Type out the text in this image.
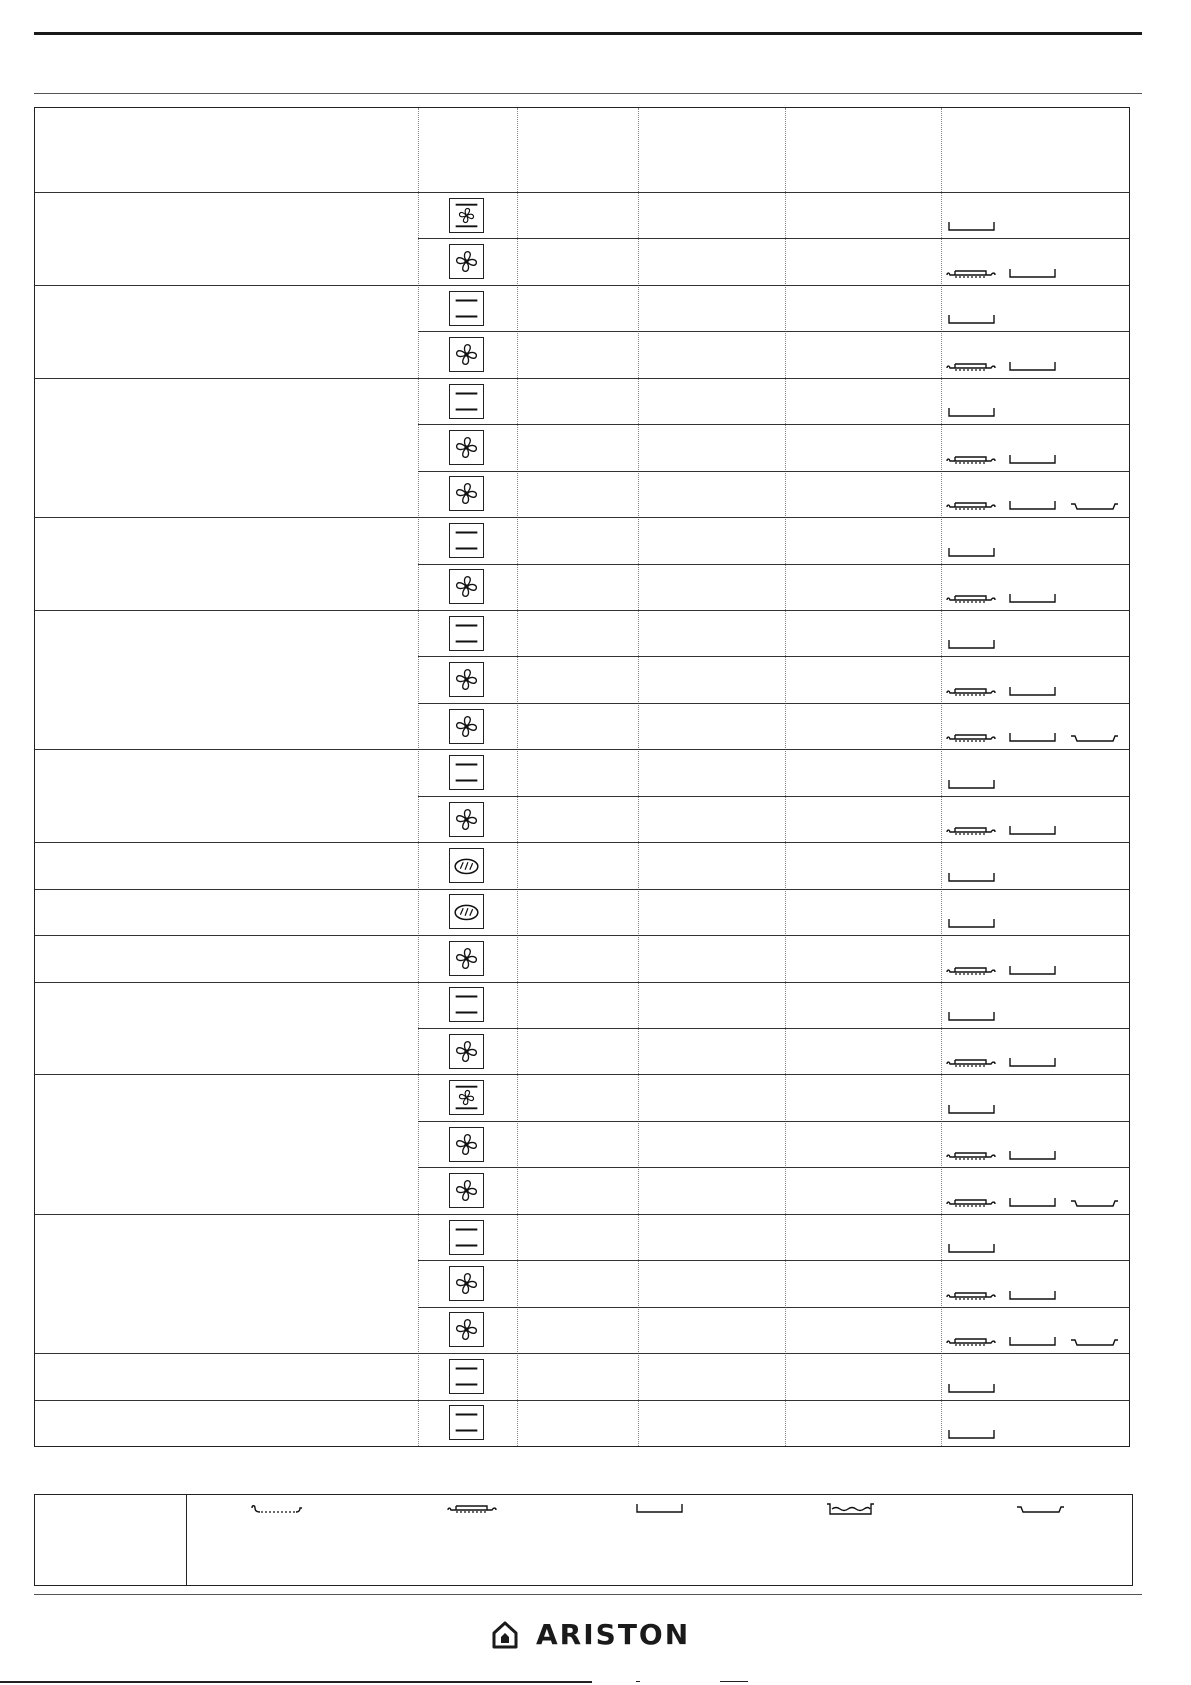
ARISTON
